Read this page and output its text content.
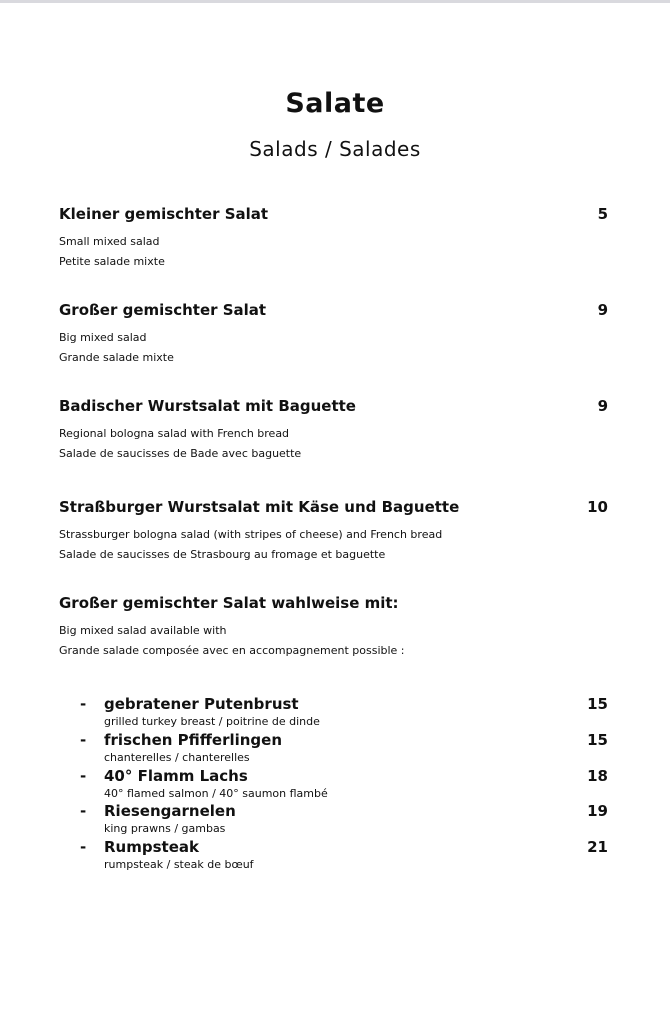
Salate
Salads / Salades
Kleiner gemischter Salat	5
Small mixed salad
Petite salade mixte
Großer gemischter Salat	9
Big mixed salad
Grande salade mixte
Badischer Wurstsalat mit Baguette	9
Regional bologna salad with French bread
Salade de saucisses de Bade avec baguette
Straßburger Wurstsalat mit Käse und Baguette	10
Strassburger bologna salad (with stripes of cheese) and French bread
Salade de saucisses de Strasbourg au fromage et baguette
Großer gemischter Salat wahlweise mit:
Big mixed salad available with
Grande salade composée avec en accompagnement possible :
- gebratener Putenbrust	15
grilled turkey breast / poitrine de dinde
- frischen Pfifferlingen	15
chanterelles / chanterelles
- 40° Flamm Lachs	18
40° flamed salmon / 40° saumon flambé
- Riesengarnelen	19
king prawns / gambas
- Rumpsteak	21
rumpsteak / steak de bœuf
